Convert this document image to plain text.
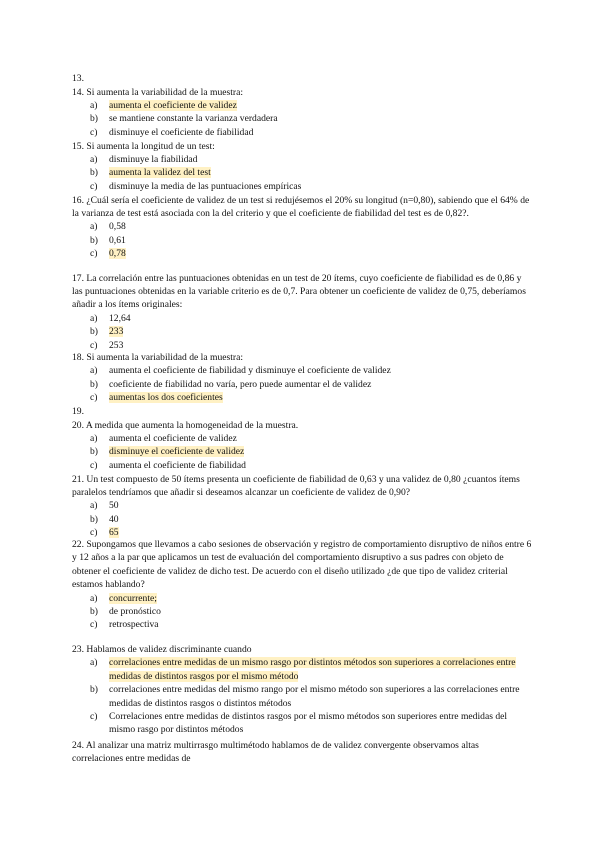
13.

14. Si aumenta la variabilidad de la muestra:

a) aumenta el coeficiente de validez

b) se mantiene constante la varianza verdadera

c) disminuye el coeficiente de fiabilidad

15. Si aumenta la longitud de un test:

a) disminuye la fiabilidad

b) aumenta la validez del test

c) disminuye la media de las puntuaciones empíricas

16. ¿Cuál sería el coeficiente de validez de un test si redujésemos el 20% su longitud (n=0,80), sabiendo que el 64% de la varianza de test está asociada con la del criterio y que el coeficiente de fiabilidad del test es de 0,82?.

a) 0,58

b) 0,61

c) 0,78

17. La correlación entre las puntuaciones obtenidas en un test de 20 ítems, cuyo coeficiente de fiabilidad es de 0,86 y las puntuaciones obtenidas en la variable criterio es de 0,7. Para obtener un coeficiente de validez de 0,75, deberíamos añadir a los ítems originales:

a) 12,64

b) 233

c) 253

18. Si aumenta la variabilidad de la muestra:

a) aumenta el coeficiente de fiabilidad y disminuye el coeficiente de validez

b) coeficiente de fiabilidad no varía, pero puede aumentar el de validez

c) aumentas los dos coeficientes

19.

20. A medida que aumenta la homogeneidad de la muestra.

a) aumenta el coeficiente de validez

b) disminuye el coeficiente de validez

c) aumenta el coeficiente de fiabilidad

21. Un test compuesto de 50 ítems presenta un coeficiente de fiabilidad de 0,63 y una validez de 0,80 ¿cuantos ítems paralelos tendríamos que añadir si deseamos alcanzar un coeficiente de validez de 0,90?

a) 50

b) 40

c) 65

22. Supongamos que llevamos a cabo sesiones de observación y registro de comportamiento disruptivo de niños entre 6 y 12 años a la par que aplicamos un test de evaluación del comportamiento disruptivo a sus padres con objeto de obtener el coeficiente de validez de dicho test. De acuerdo con el diseño utilizado ¿de que tipo de validez criterial estamos hablando?

a) concurrente;

b) de pronóstico

c) retrospectiva

23. Hablamos de validez discriminante cuando

a) correlaciones entre medidas de un mismo rasgo por distintos métodos son superiores a correlaciones entre medidas de distintos rasgos por el mismo método

b) correlaciones entre medidas del mismo rango por el mismo método son superiores a las correlaciones entre medidas de distintos rasgos o distintos métodos

c) Correlaciones entre medidas de distintos rasgos por el mismo métodos son superiores entre medidas del mismo rasgo por distintos métodos

24. Al analizar una matriz multirrasgo multimétodo hablamos de de validez convergente observamos altas correlaciones entre medidas de
